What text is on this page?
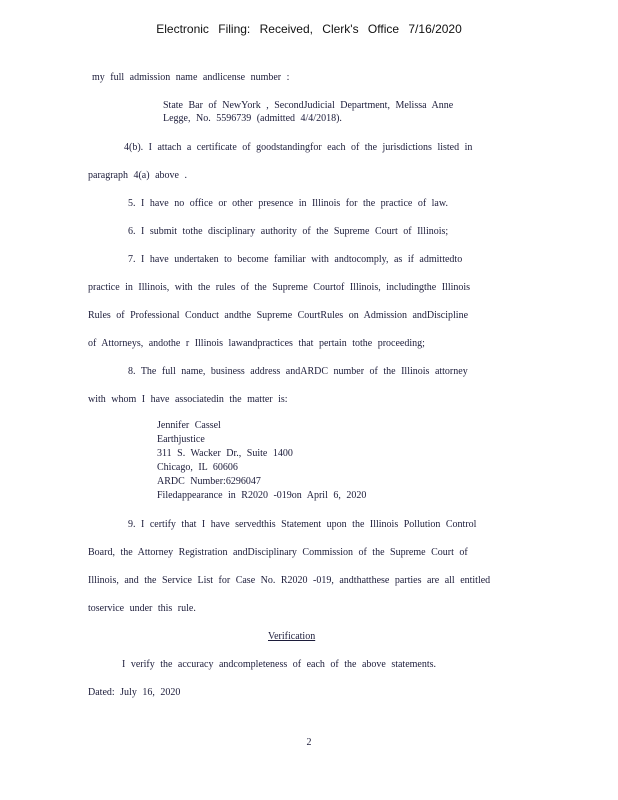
Electronic Filing: Received, Clerk's Office 7/16/2020
my full admission name andlicense number :
State Bar of NewYork , SecondJudicial Department, Melissa Anne
Legge, No. 5596739 (admitted 4/4/2018).
4(b). I attach a certificate of goodstandingfor each of the jurisdictions listed in
paragraph 4(a) above .
5. I have no office or other presence in Illinois for the practice of law.
6. I submit tothe disciplinary authority of the Supreme Court of Illinois;
7. I have undertaken to become familiar with andtocomply, as if admittedto
practice in Illinois, with the rules of the Supreme Courtof Illinois, includingthe Illinois
Rules of Professional Conduct andthe Supreme CourtRules on Admission andDiscipline
of Attorneys, andothe r Illinois lawandpractices that pertain tothe proceeding;
8. The full name, business address andARDC number of the Illinois attorney
with whom I have associatedin the matter is:
Jennifer Cassel
Earthjustice
311 S. Wacker Dr., Suite 1400
Chicago, IL 60606
ARDC Number:6296047
Filedappearance in R2020 -019on April 6, 2020
9. I certify that I have servedthis Statement upon the Illinois Pollution Control
Board, the Attorney Registration andDisciplinary Commission of the Supreme Court of
Illinois, and the Service List for Case No. R2020 -019, andthatthese parties are all entitled
toservice under this rule.
Verification
I verify the accuracy andcompleteness of each of the above statements.
Dated: July 16, 2020
2
